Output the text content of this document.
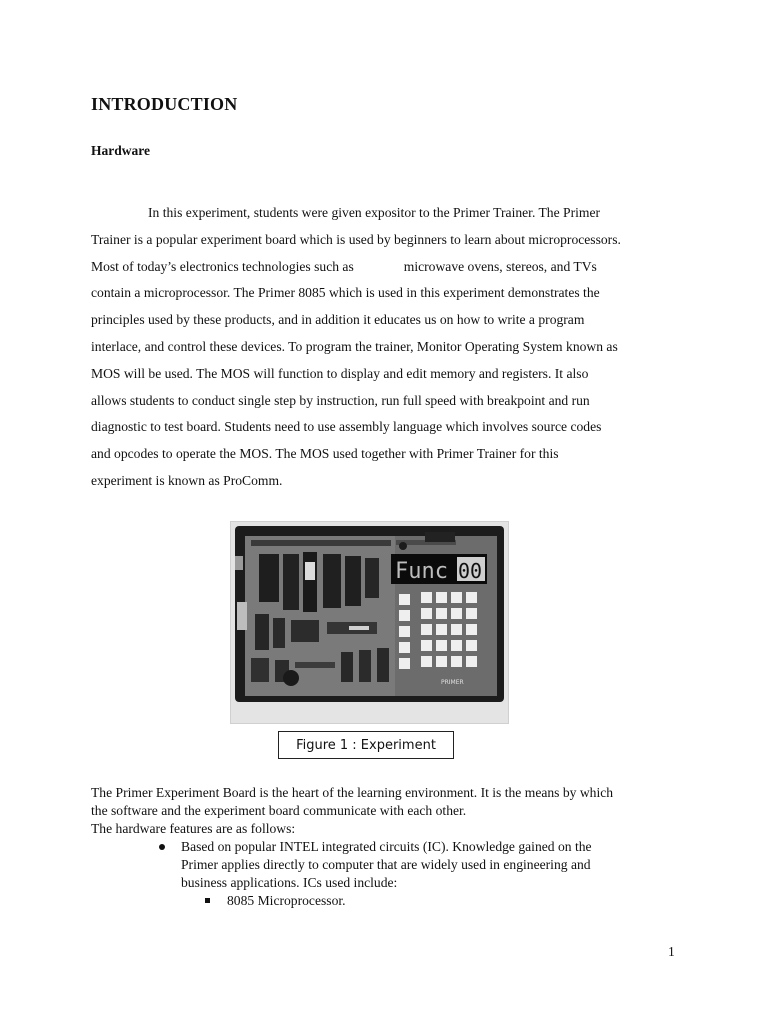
INTRODUCTION
Hardware
In this experiment, students were given expositor to the Primer Trainer. The Primer
Trainer is a popular experiment board which is used by beginners to learn about microprocessors.
Most of today’s electronics technologies such as	microwave ovens, stereos, and TVs
contain a microprocessor. The Primer 8085 which is used in this experiment demonstrates the
principles used by these products, and in addition it educates us on how to write a program
interlace, and control these devices. To program the trainer, Monitor Operating System known as
MOS will be used. The MOS will function to display and edit memory and registers. It also
allows students to conduct single step by instruction, run full speed with breakpoint and run
diagnostic to test board. Students need to use assembly language which involves source codes
and opcodes to operate the MOS. The MOS used together with Primer Trainer for this
experiment is known as ProComm.
Func 00
PRIMER
Figure 1 : Experiment
The Primer Experiment Board is the heart of the learning environment. It is the means by which
the software and the experiment board communicate with each other.
The hardware features are as follows:
Based on popular INTEL integrated circuits (IC). Knowledge gained on the
Primer applies directly to computer that are widely used in engineering and
business applications. ICs used include:
8085 Microprocessor.
1
